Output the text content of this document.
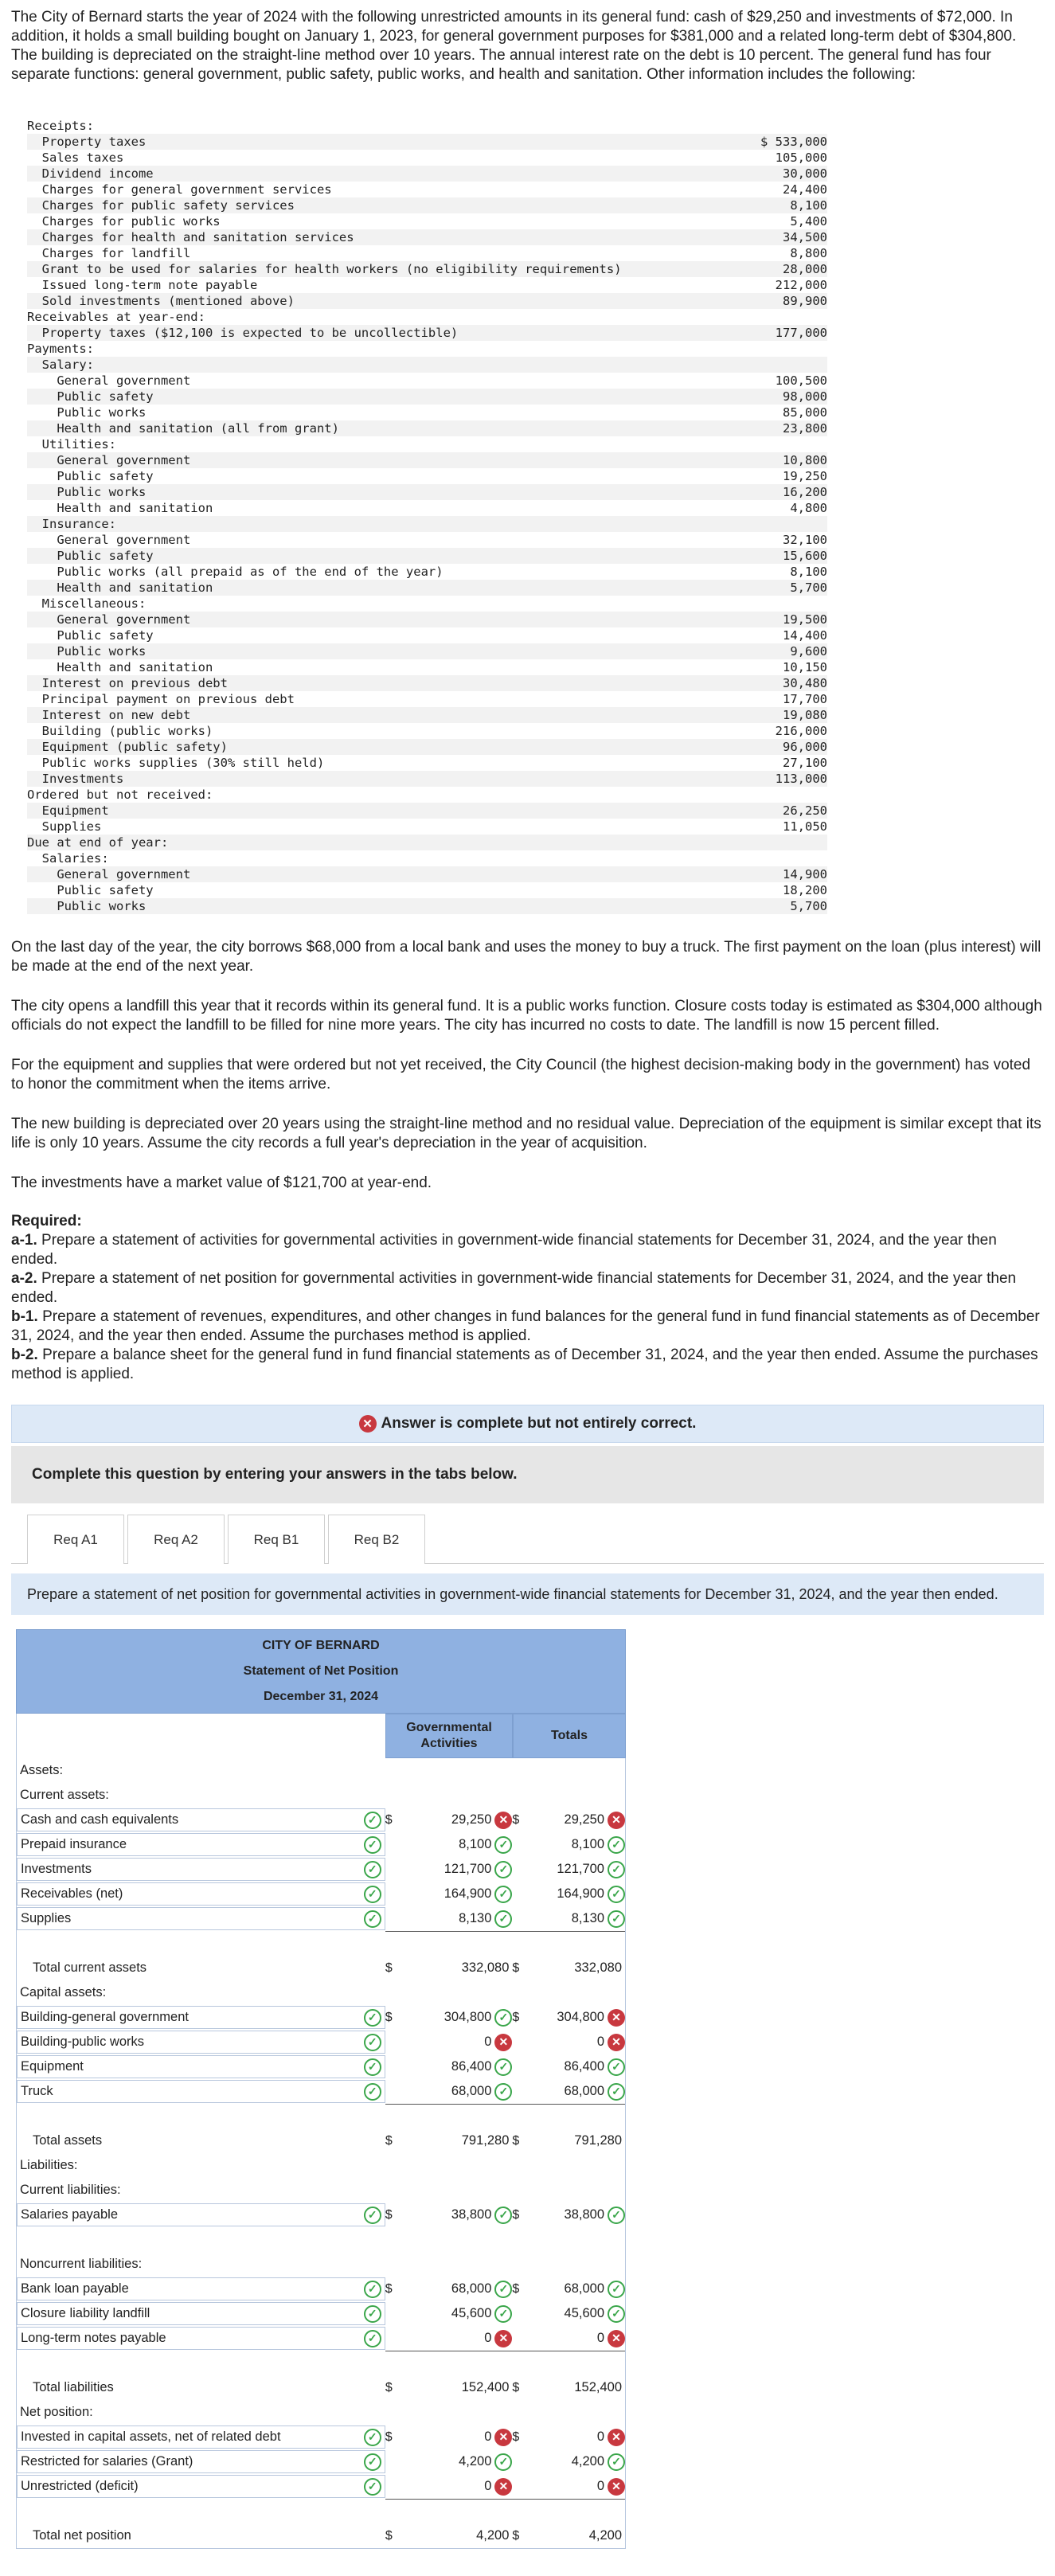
The City of Bernard starts the year of 2024 with the following unrestricted amounts in its general fund: cash of $29,250 and investments of $72,000. In addition, it holds a small building bought on January 1, 2023, for general government purposes for $381,000 and a related long-term debt of $304,800. The building is depreciated on the straight-line method over 10 years. The annual interest rate on the debt is 10 percent. The general fund has four separate functions: general government, public safety, public works, and health and sanitation. Other information includes the following:

Receipts:
Property taxes	$ 533,000
Sales taxes	105,000
Dividend income	30,000
Charges for general government services	24,400
Charges for public safety services	8,100
Charges for public works	5,400
Charges for health and sanitation services	34,500
Charges for landfill	8,800
Grant to be used for salaries for health workers (no eligibility requirements)	28,000
Issued long-term note payable	212,000
Sold investments (mentioned above)	89,900
Receivables at year-end:
Property taxes ($12,100 is expected to be uncollectible)	177,000
Payments:
Salary:
General government	100,500
Public safety	98,000
Public works	85,000
Health and sanitation (all from grant)	23,800
Utilities:
General government	10,800
Public safety	19,250
Public works	16,200
Health and sanitation	4,800
Insurance:
General government	32,100
Public safety	15,600
Public works (all prepaid as of the end of the year)	8,100
Health and sanitation	5,700
Miscellaneous:
General government	19,500
Public safety	14,400
Public works	9,600
Health and sanitation	10,150
Interest on previous debt	30,480
Principal payment on previous debt	17,700
Interest on new debt	19,080
Building (public works)	216,000
Equipment (public safety)	96,000
Public works supplies (30% still held)	27,100
Investments	113,000
Ordered but not received:
Equipment	26,250
Supplies	11,050
Due at end of year:
Salaries:
General government	14,900
Public safety	18,200
Public works	5,700

On the last day of the year, the city borrows $68,000 from a local bank and uses the money to buy a truck. The first payment on the loan (plus interest) will be made at the end of the next year.

The city opens a landfill this year that it records within its general fund. It is a public works function. Closure costs today is estimated as $304,000 although officials do not expect the landfill to be filled for nine more years. The city has incurred no costs to date. The landfill is now 15 percent filled.

For the equipment and supplies that were ordered but not yet received, the City Council (the highest decision-making body in the government) has voted to honor the commitment when the items arrive.

The new building is depreciated over 20 years using the straight-line method and no residual value. Depreciation of the equipment is similar except that its life is only 10 years. Assume the city records a full year's depreciation in the year of acquisition.

The investments have a market value of $121,700 at year-end.

Required:
a-1. Prepare a statement of activities for governmental activities in government-wide financial statements for December 31, 2024, and the year then ended.
a-2. Prepare a statement of net position for governmental activities in government-wide financial statements for December 31, 2024, and the year then ended.
b-1. Prepare a statement of revenues, expenditures, and other changes in fund balances for the general fund in fund financial statements as of December 31, 2024, and the year then ended. Assume the purchases method is applied.
b-2. Prepare a balance sheet for the general fund in fund financial statements as of December 31, 2024, and the year then ended. Assume the purchases method is applied.
✕ Answer is complete but not entirely correct.
Complete this question by entering your answers in the tabs below.
Req A1	Req A2	Req B1	Req B2
Prepare a statement of net position for governmental activities in government-wide financial statements for December 31, 2024, and the year then ended.
CITY OF BERNARD
Statement of Net Position
December 31, 2024
Governmental Activities
Totals
Assets:
Current assets:
Cash and cash equivalents	✓ $	29,250 ✕ $	29,250 ✕
Prepaid insurance	✓	8,100 ✓	8,100 ✓
Investments	✓	121,700 ✓	121,700 ✓
Receivables (net)	✓	164,900 ✓	164,900 ✓
Supplies	✓	8,130 ✓	8,130 ✓
Total current assets	$	332,080 $	332,080
Capital assets:
Building-general government	✓ $	304,800 ✓ $	304,800 ✕
Building-public works	✓	0 ✕	0 ✕
Equipment	✓	86,400 ✓	86,400 ✓
Truck	✓	68,000 ✓	68,000 ✓
Total assets	$	791,280 $	791,280
Liabilities:
Current liabilities:
Salaries payable	✓ $	38,800 ✓ $	38,800 ✓
Noncurrent liabilities:
Bank loan payable	✓ $	68,000 ✓ $	68,000 ✓
Closure liability landfill	✓	45,600 ✓	45,600 ✓
Long-term notes payable	✓	0 ✕	0 ✕
Total liabilities	$	152,400 $	152,400
Net position:
Invested in capital assets, net of related debt	✓ $	0 ✕ $	0 ✕
Restricted for salaries (Grant)	✓	4,200 ✓	4,200 ✓
Unrestricted (deficit)	✓	0 ✕	0 ✕
Total net position	$	4,200 $	4,200
